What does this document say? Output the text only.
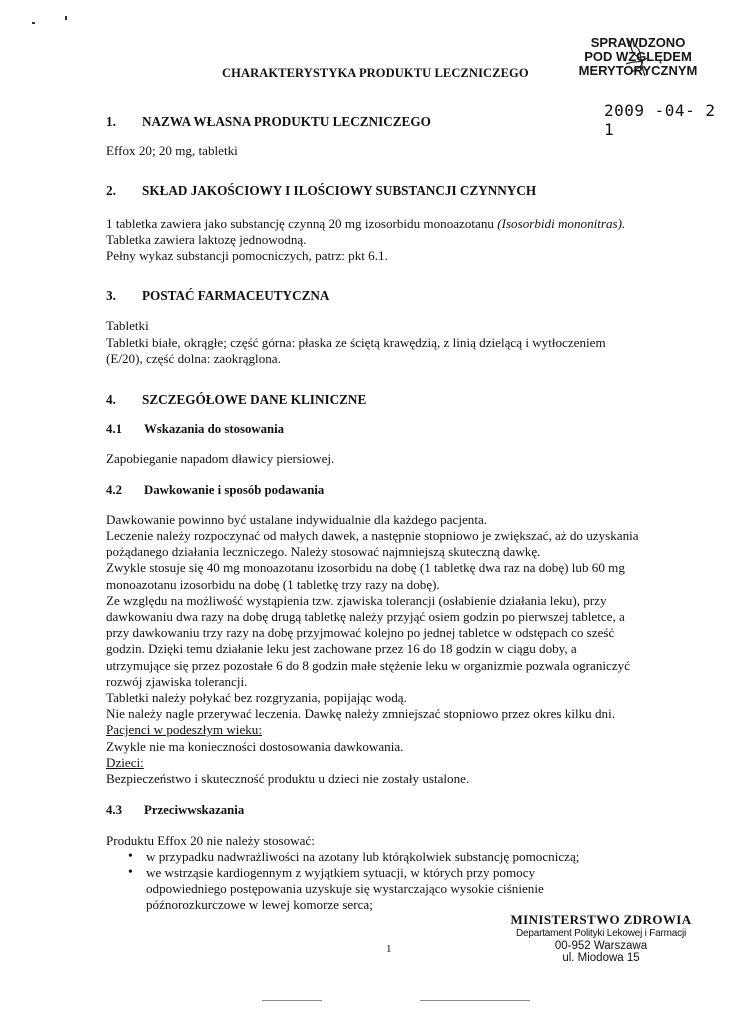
CHARAKTERYSTYKA PRODUKTU LECZNICZEGO
SPRAWDZONO
POD WZGLĘDEM
MERYTORYCZNYM
2009 -04- 2 1
1.	NAZWA WŁASNA PRODUKTU LECZNICZEGO

Effox 20; 20 mg, tabletki

2.	SKŁAD JAKOŚCIOWY I ILOŚCIOWY SUBSTANCJI CZYNNYCH

1 tabletka zawiera jako substancję czynną 20 mg izosorbidu monoazotanu (Isosorbidi mononitras).

Tabletka zawiera laktozę jednowodną.

Pełny wykaz substancji pomocniczych, patrz: pkt 6.1.

3.	POSTAĆ FARMACEUTYCZNA

Tabletki

Tabletki białe, okrągłe; część górna: płaska ze ściętą krawędzią, z linią dzielącą i wytłoczeniem

(E/20), część dolna: zaokrąglona.

4.	SZCZEGÓŁOWE DANE KLINICZNE
4.1	Wskazania do stosowania

Zapobieganie napadom dławicy piersiowej.

4.2	Dawkowanie i sposób podawania

Dawkowanie powinno być ustalane indywidualnie dla każdego pacjenta.

Leczenie należy rozpoczynać od małych dawek, a następnie stopniowo je zwiększać, aż do uzyskania

pożądanego działania leczniczego. Należy stosować najmniejszą skuteczną dawkę.

Zwykle stosuje się 40 mg monoazotanu izosorbidu na dobę (1 tabletkę dwa raz na dobę) lub 60 mg

monoazotanu izosorbidu na dobę (1 tabletkę trzy razy na dobę).

Ze względu na możliwość wystąpienia tzw. zjawiska tolerancji (osłabienie działania leku), przy

dawkowaniu dwa razy na dobę drugą tabletkę należy przyjąć osiem godzin po pierwszej tabletce, a

przy dawkowaniu trzy razy na dobę przyjmować kolejno po jednej tabletce w odstępach co sześć

godzin. Dzięki temu działanie leku jest zachowane przez 16 do 18 godzin w ciągu doby, a

utrzymujące się przez pozostałe 6 do 8 godzin małe stężenie leku w organizmie pozwala ograniczyć

rozwój zjawiska tolerancji.

Tabletki należy połykać bez rozgryzania, popijając wodą.

Nie należy nagle przerywać leczenia. Dawkę należy zmniejszać stopniowo przez okres kilku dni.

Pacjenci w podeszłym wieku:

Zwykle nie ma konieczności dostosowania dawkowania.

Dzieci:

Bezpieczeństwo i skuteczność produktu u dzieci nie zostały ustalone.

4.3	Przeciwwskazania

Produktu Effox 20 nie należy stosować:

• w przypadku nadwrażliwości na azotany lub którąkolwiek substancję pomocniczą;
• we wstrząsie kardiogennym z wyjątkiem sytuacji, w których przy pomocy odpowiedniego postępowania uzyskuje się wystarczająco wysokie ciśnienie późnorozkurczowe w lewej komorze serca;
1
MINISTERSTWO ZDROWIA
Departament Polityki Lekowej i Farmacji
00-952 Warszawa
ul. Miodowa 15
